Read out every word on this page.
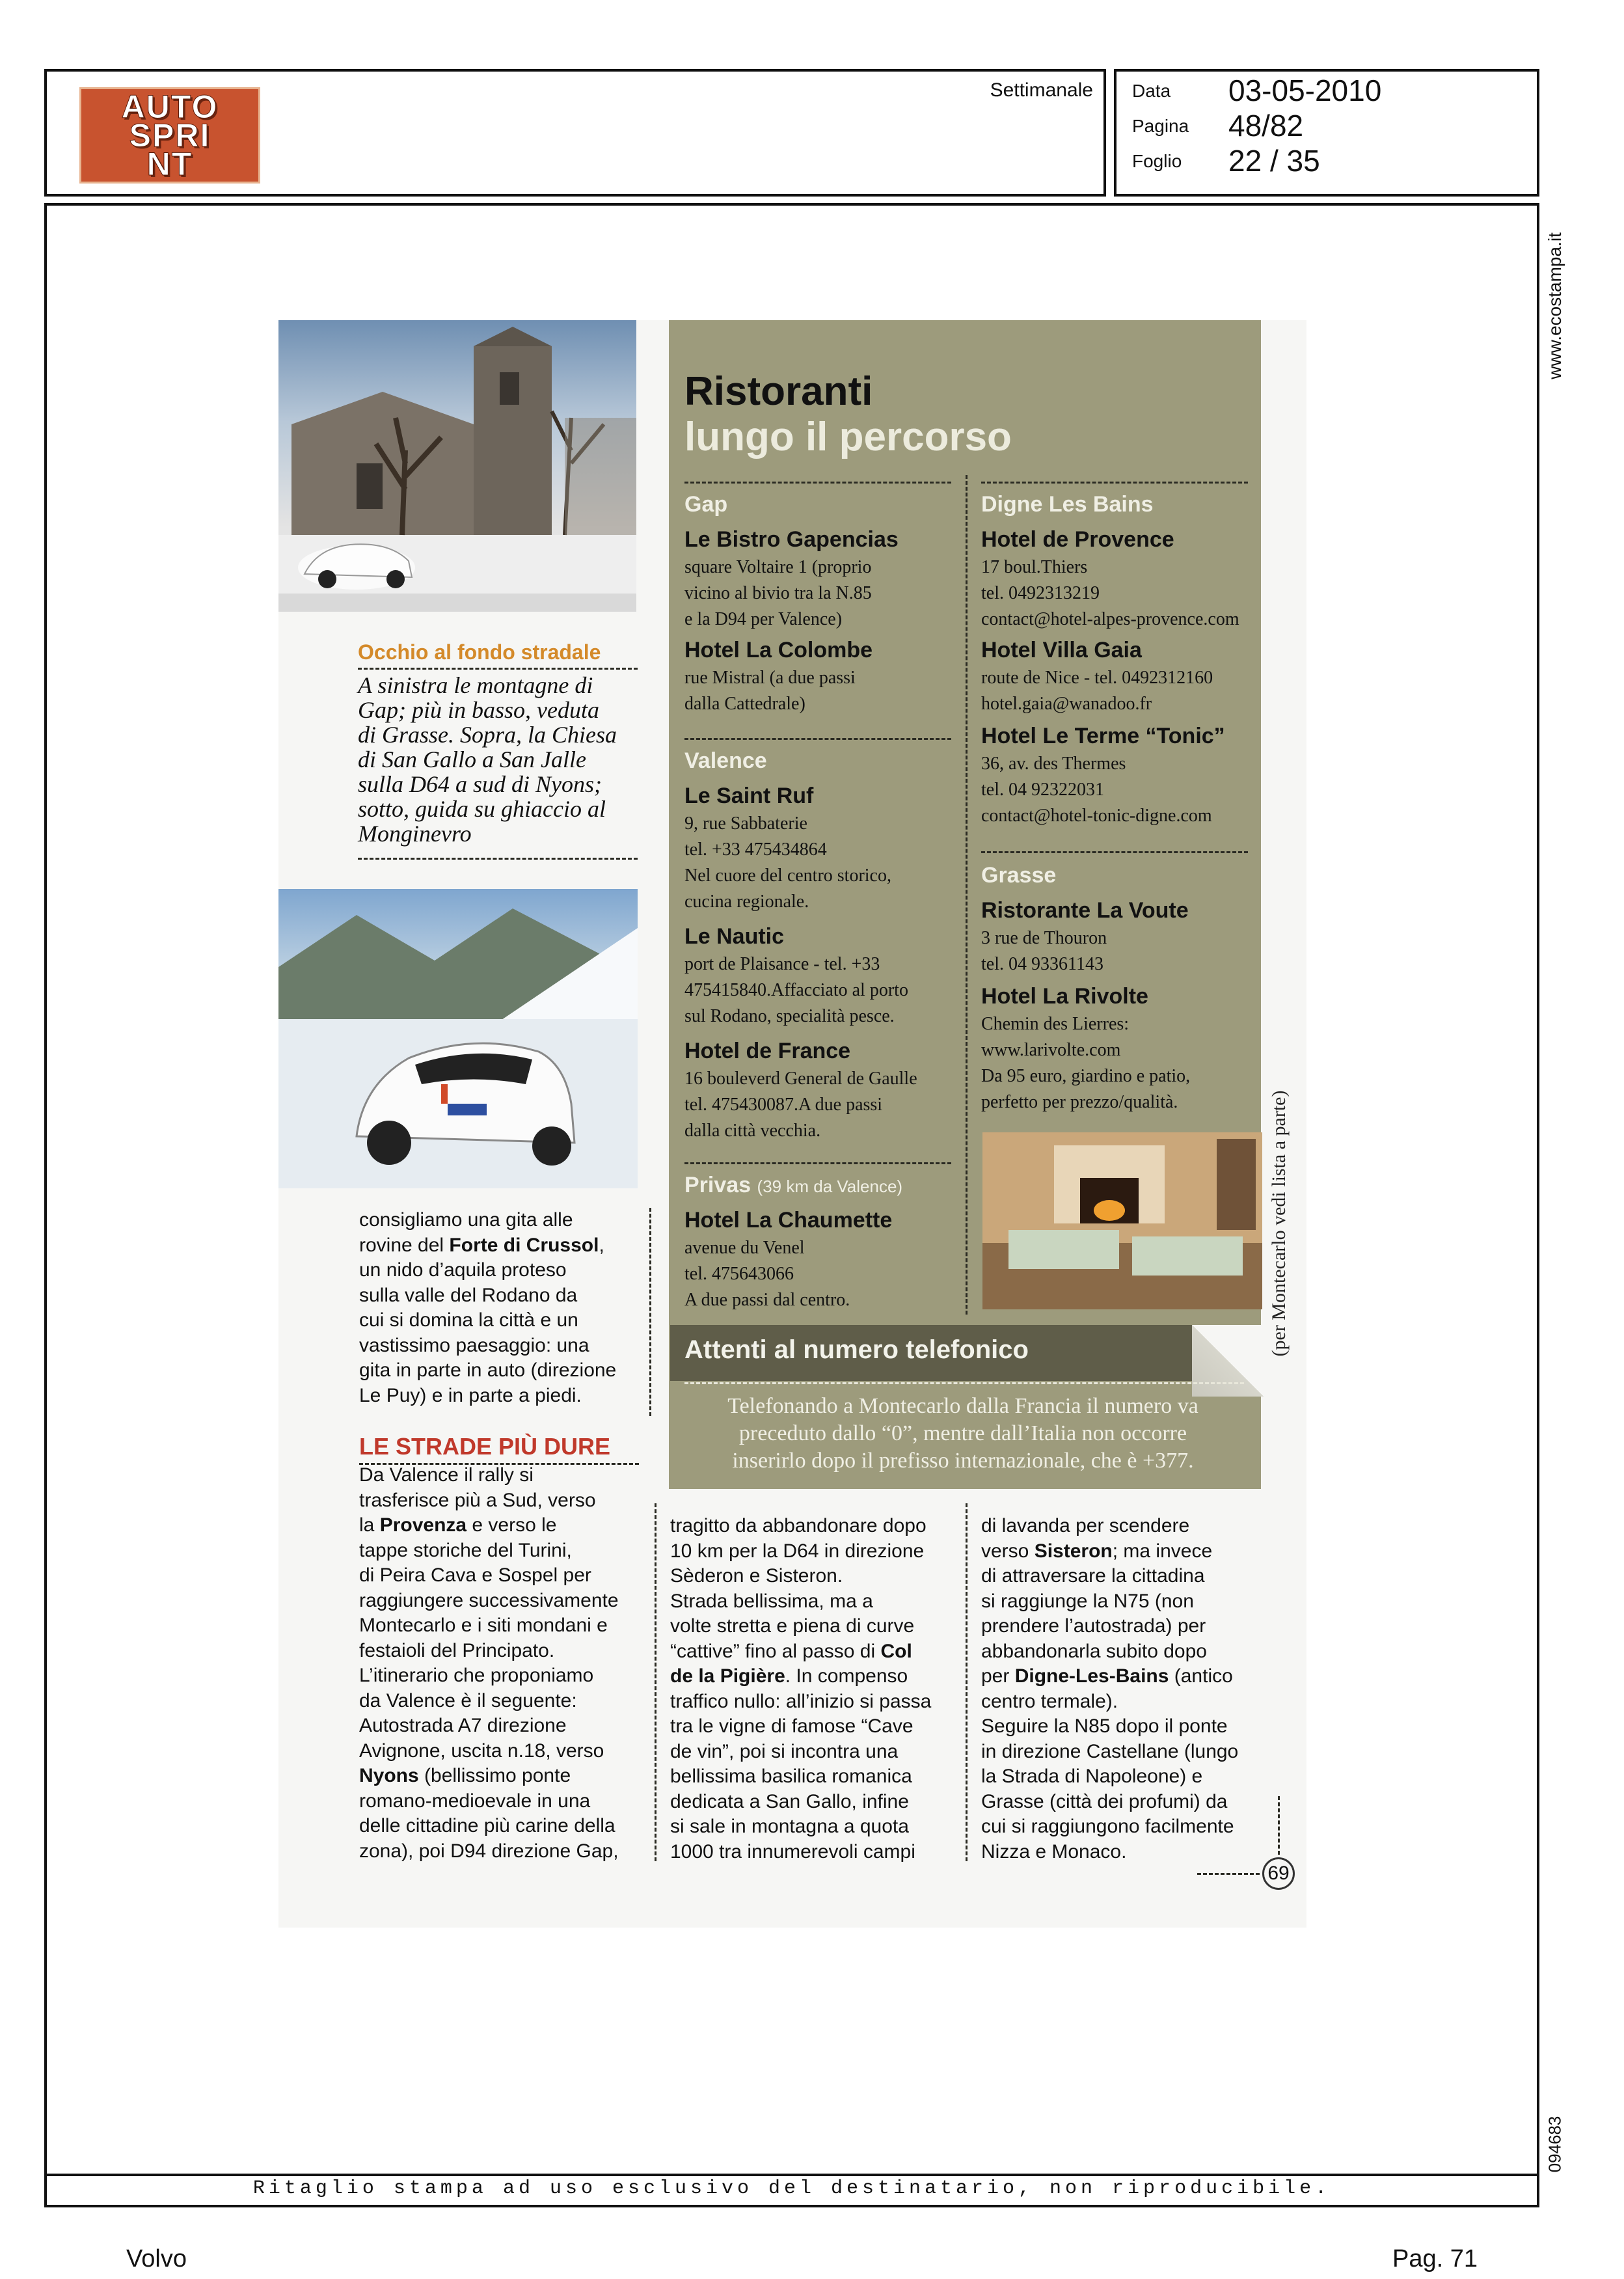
AUTO
SPRI
NT
Settimanale Data 03-05-2010
Pagina 48/82
Foglio 22 / 35
Ritaglio stampa ad uso esclusivo del destinatario, non riproducibile.
www.ecostampa.it
094683
Occhio al fondo stradale
A sinistra le montagne di
Gap; più in basso, veduta
di Grasse. Sopra, la Chiesa
di San Gallo a San Jalle
sulla D64 a sud di Nyons;
sotto, guida su ghiaccio al
Monginevro
Ristoranti
lungo il percorso
Gap
Le Bistro Gapencias
square Voltaire 1 (proprio
vicino al bivio tra la N.85
e la D94 per Valence)
Hotel La Colombe
rue Mistral (a due passi
dalla Cattedrale)
Valence
Le Saint Ruf
9, rue Sabbaterie
tel. +33 475434864
Nel cuore del centro storico,
cucina regionale.
Le Nautic
port de Plaisance - tel. +33
475415840.Affacciato al porto
sul Rodano, specialità pesce.
Hotel de France
16 bouleverd General de Gaulle
tel. 475430087.A due passi
dalla città vecchia.
Privas (39 km da Valence)
Hotel La Chaumette
avenue du Venel
tel. 475643066
A due passi dal centro.
Digne Les Bains
Hotel de Provence
17 boul.Thiers
tel. 0492313219
contact@hotel-alpes-provence.com
Hotel Villa Gaia
route de Nice - tel. 0492312160
hotel.gaia@wanadoo.fr
Hotel Le Terme “Tonic”
36, av. des Thermes
tel. 04 92322031
contact@hotel-tonic-digne.com
Grasse
Ristorante La Voute
3 rue de Thouron
tel. 04 93361143
Hotel La Rivolte
Chemin des Lierres:
www.larivolte.com
Da 95 euro, giardino e patio,
perfetto per prezzo/qualità.	(per Montecarlo vedi lista a parte)
Attenti al numero telefonico
Telefonando a Montecarlo dalla Francia il numero va
preceduto dallo “0”, mentre dall’Italia non occorre
inserirlo dopo il prefisso internazionale, che è +377.
consigliamo una gita alle
rovine del Forte di Crussol,
un nido d’aquila proteso
sulla valle del Rodano da
cui si domina la città e un
vastissimo paesaggio: una
gita in parte in auto (direzione
Le Puy) e in parte a piedi.
LE STRADE PIÙ DURE
Da Valence il rally si
trasferisce più a Sud, verso
la Provenza e verso le
tappe storiche del Turini,
di Peira Cava e Sospel per
raggiungere successivamente
Montecarlo e i siti mondani e
festaioli del Principato.
L’itinerario che proponiamo
da Valence è il seguente:
Autostrada A7 direzione
Avignone, uscita n.18, verso
Nyons (bellissimo ponte
romano-medioevale in una
delle cittadine più carine della
zona), poi D94 direzione Gap,
tragitto da abbandonare dopo
10 km per la D64 in direzione
Sèderon e Sisteron.
Strada bellissima, ma a
volte stretta e piena di curve
“cattive” fino al passo di Col
de la Pigière. In compenso
traffico nullo: all’inizio si passa
tra le vigne di famose “Cave
de vin”, poi si incontra una
bellissima basilica romanica
dedicata a San Gallo, infine
si sale in montagna a quota
1000 tra innumerevoli campi
di lavanda per scendere
verso Sisteron; ma invece
di attraversare la cittadina
si raggiunge la N75 (non
prendere l’autostrada) per
abbandonarla subito dopo
per Digne-Les-Bains (antico
centro termale).
Seguire la N85 dopo il ponte
in direzione Castellane (lungo
la Strada di Napoleone) e
Grasse (città dei profumi) da
cui si raggiungono facilmente
Nizza e Monaco.
69
Volvo	Pag. 71
